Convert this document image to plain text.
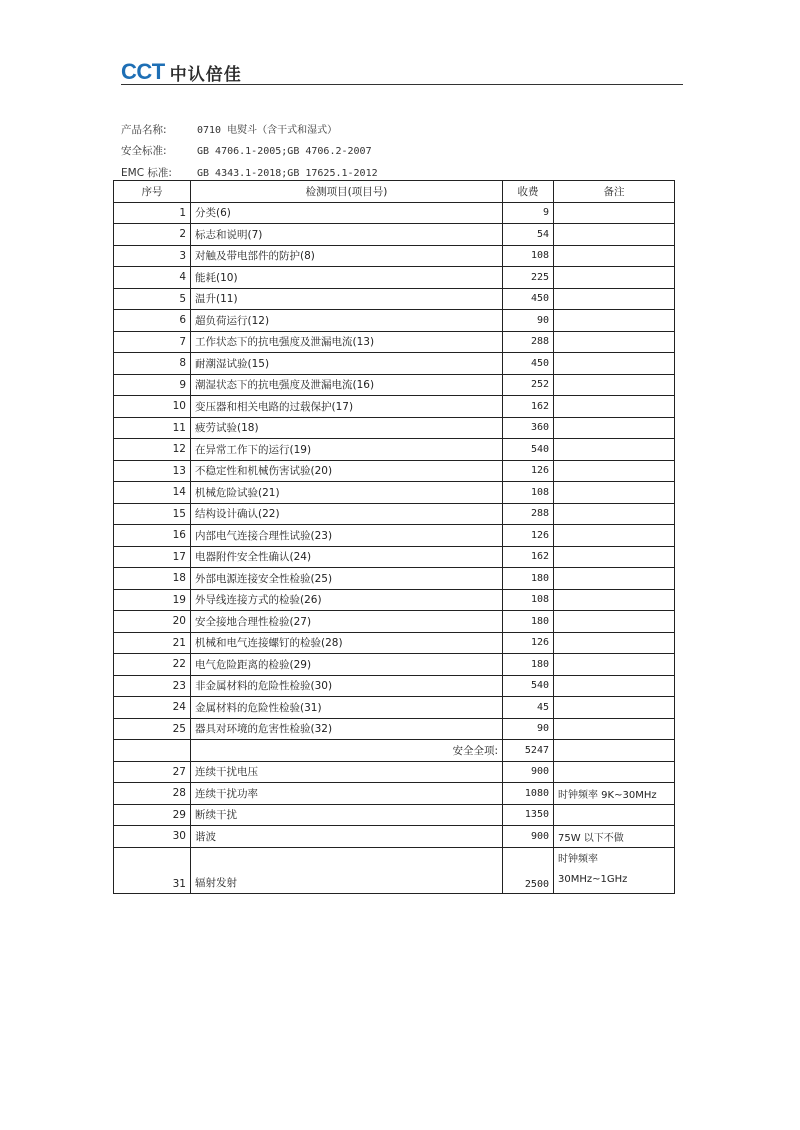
CCT 中认倍佳
产品名称:	0710 电熨斗（含干式和湿式）
安全标准:	GB 4706.1-2005;GB 4706.2-2007
EMC 标准:	GB 4343.1-2018;GB 17625.1-2012
序号	检测项目(项目号)	收费	备注
1	分类(6)	9	
2	标志和说明(7)	54	
3	对触及带电部件的防护(8)	108	
4	能耗(10)	225	
5	温升(11)	450	
6	超负荷运行(12)	90	
7	工作状态下的抗电强度及泄漏电流(13)	288	
8	耐潮湿试验(15)	450	
9	潮湿状态下的抗电强度及泄漏电流(16)	252	
10	变压器和相关电路的过载保护(17)	162	
11	疲劳试验(18)	360	
12	在异常工作下的运行(19)	540	
13	不稳定性和机械伤害试验(20)	126	
14	机械危险试验(21)	108	
15	结构设计确认(22)	288	
16	内部电气连接合理性试验(23)	126	
17	电器附件安全性确认(24)	162	
18	外部电源连接安全性检验(25)	180	
19	外导线连接方式的检验(26)	108	
20	安全接地合理性检验(27)	180	
21	机械和电气连接螺钉的检验(28)	126	
22	电气危险距离的检验(29)	180	
23	非金属材料的危险性检验(30)	540	
24	金属材料的危险性检验(31)	45	
25	器具对环境的危害性检验(32)	90	
	安全全项:	5247	
27	连续干扰电压	900	
28	连续干扰功率	1080	时钟频率 9K~30MHz
29	断续干扰	1350	
30	谐波	900	75W 以下不做
31	辐射发射	2500	时钟频率
30MHz~1GHz
